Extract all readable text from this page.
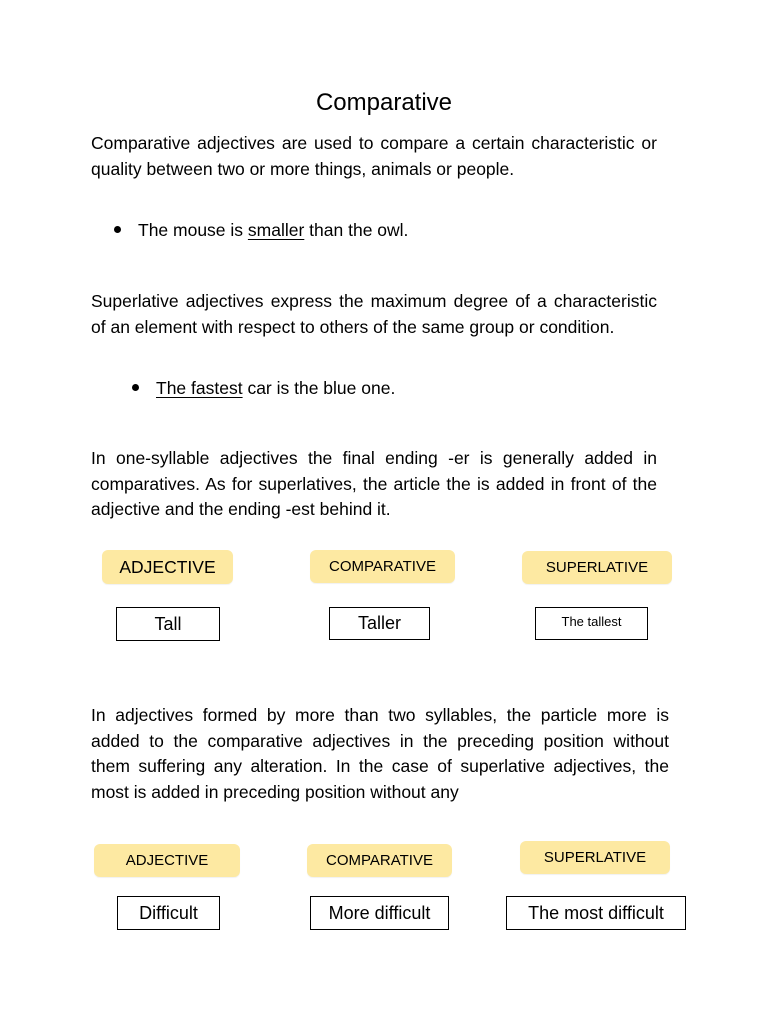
Comparative

Comparative adjectives are used to compare a certain characteristic or quality between two or more things, animals or people.

The mouse is smaller than the owl.

Superlative adjectives express the maximum degree of a characteristic of an element with respect to others of the same group or condition.

The fastest car is the blue one.

In one-syllable adjectives the final ending -er is generally added in comparatives. As for superlatives, the article the is added in front of the adjective and the ending -est behind it.

ADJECTIVE	COMPARATIVE	SUPERLATIVE
Tall	Taller	The tallest

In adjectives formed by more than two syllables, the particle more is added to the comparative adjectives in the preceding position without them suffering any alteration. In the case of superlative adjectives, the most is added in preceding position without any

ADJECTIVE	COMPARATIVE	SUPERLATIVE
Difficult	More difficult	The most difficult
